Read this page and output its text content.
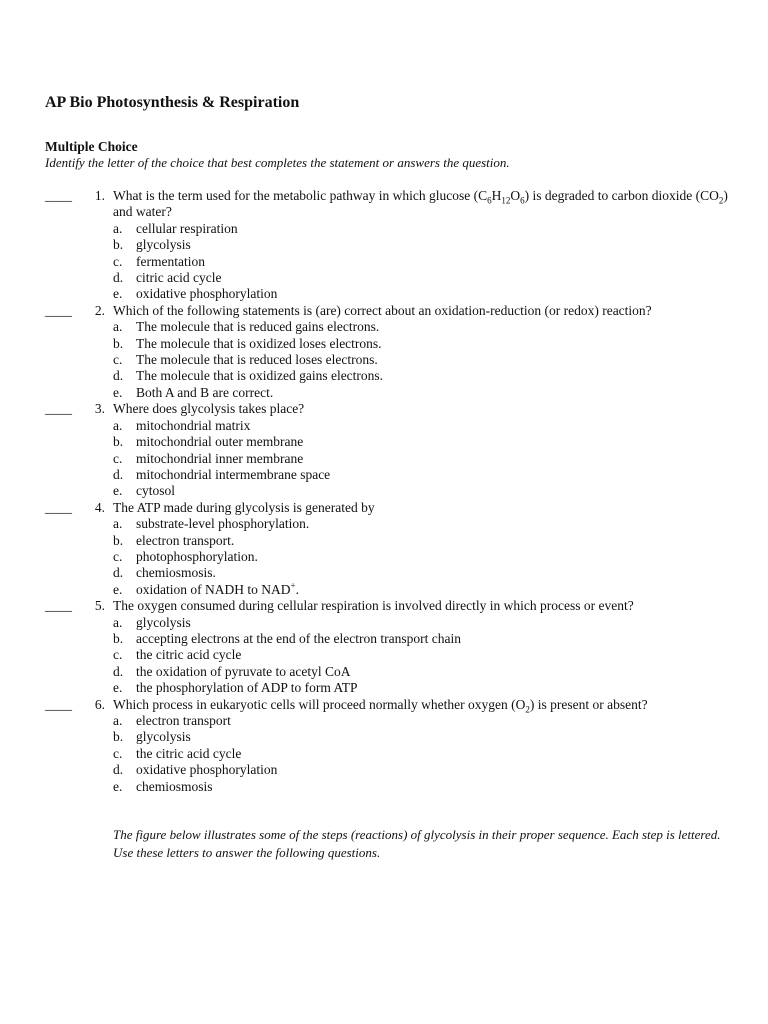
AP Bio Photosynthesis & Respiration
Multiple Choice
Identify the letter of the choice that best completes the statement or answers the question.
____	1. What is the term used for the metabolic pathway in which glucose $(C_6H_{12}O_6)$ is degraded to carbon dioxide $(CO_2)$ and water?
a.	cellular respiration
b. glycolysis
c.	fermentation
d. citric acid cycle
e.	oxidative phosphorylation
____	2. Which of the following statements is (are) correct about an oxidation-reduction (or redox) reaction?
a.	The molecule that is reduced gains electrons.
b. The molecule that is oxidized loses electrons.
c.	The molecule that is reduced loses electrons.
d. The molecule that is oxidized gains electrons.
e.	Both A and B are correct.
____	3. Where does glycolysis takes place?
a.	mitochondrial matrix
b. mitochondrial outer membrane
c.	mitochondrial inner membrane
d. mitochondrial intermembrane space
e.	cytosol
____	4. The ATP made during glycolysis is generated by
a.	substrate-level phosphorylation.
b. electron transport.
c.	photophosphorylation.
d. chemiosmosis.
e.	oxidation of NADH to NAD+.
____	5. The oxygen consumed during cellular respiration is involved directly in which process or event?
a.	glycolysis
b. accepting electrons at the end of the electron transport chain
c.	the citric acid cycle
d. the oxidation of pyruvate to acetyl CoA
e.	the phosphorylation of ADP to form ATP
____	6. Which process in eukaryotic cells will proceed normally whether oxygen $(O_2)$ is present or absent?
a.	electron transport
b. glycolysis
c.	the citric acid cycle
d. oxidative phosphorylation
e.	chemiosmosis
The figure below illustrates some of the steps (reactions) of glycolysis in their proper sequence. Each step is lettered. Use these letters to answer the following questions.
